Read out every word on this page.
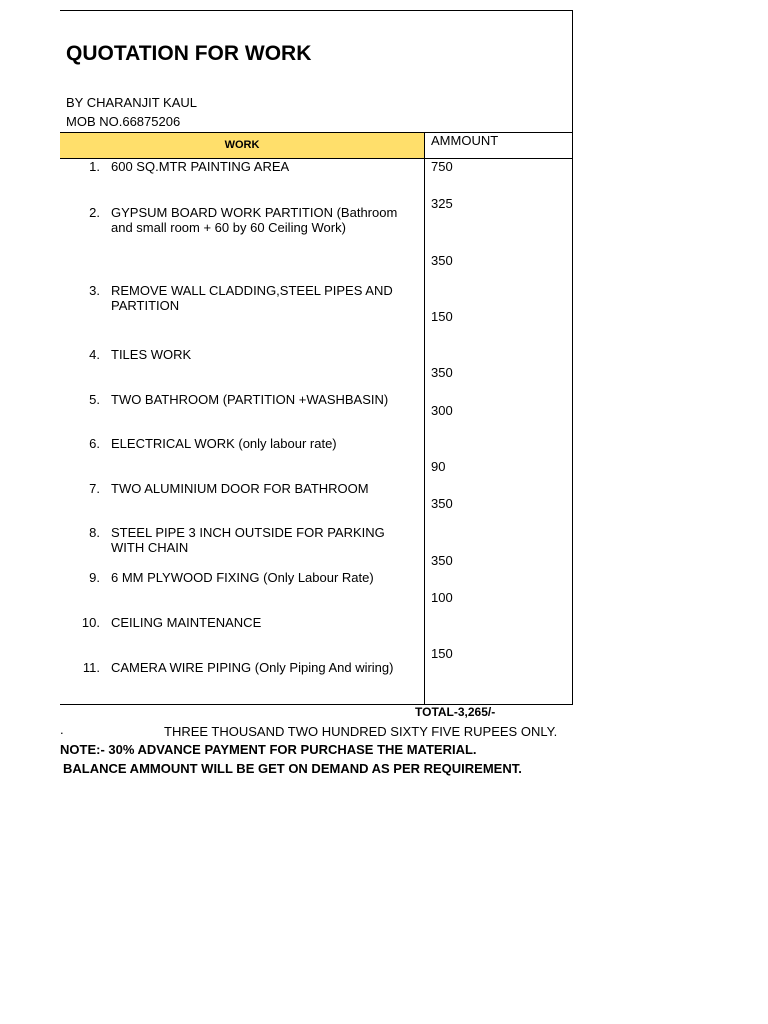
QUOTATION FOR WORK
BY CHARANJIT KAUL
MOB NO.66875206
WORK	AMMOUNT
1. 600 SQ.MTR PAINTING AREA
2. GYPSUM BOARD WORK PARTITION (Bathroom and small room + 60 by 60 Ceiling Work)
3. REMOVE WALL CLADDING,STEEL PIPES AND PARTITION
4. TILES WORK
5. TWO BATHROOM (PARTITION +WASHBASIN)
6. ELECTRICAL WORK (only labour rate)
7. TWO ALUMINIUM DOOR FOR BATHROOM
8. STEEL PIPE 3 INCH OUTSIDE FOR PARKING WITH CHAIN
9. 6 MM PLYWOOD FIXING (Only Labour Rate)
10. CEILING MAINTENANCE
11. CAMERA WIRE PIPING (Only Piping And wiring)
750
325
350
150
350
300
90
350
350
100
150
TOTAL-3,265/-
.	THREE THOUSAND TWO HUNDRED SIXTY FIVE RUPEES ONLY.
NOTE:- 30% ADVANCE PAYMENT FOR PURCHASE THE MATERIAL.
BALANCE AMMOUNT WILL BE GET ON DEMAND AS PER REQUIREMENT.
